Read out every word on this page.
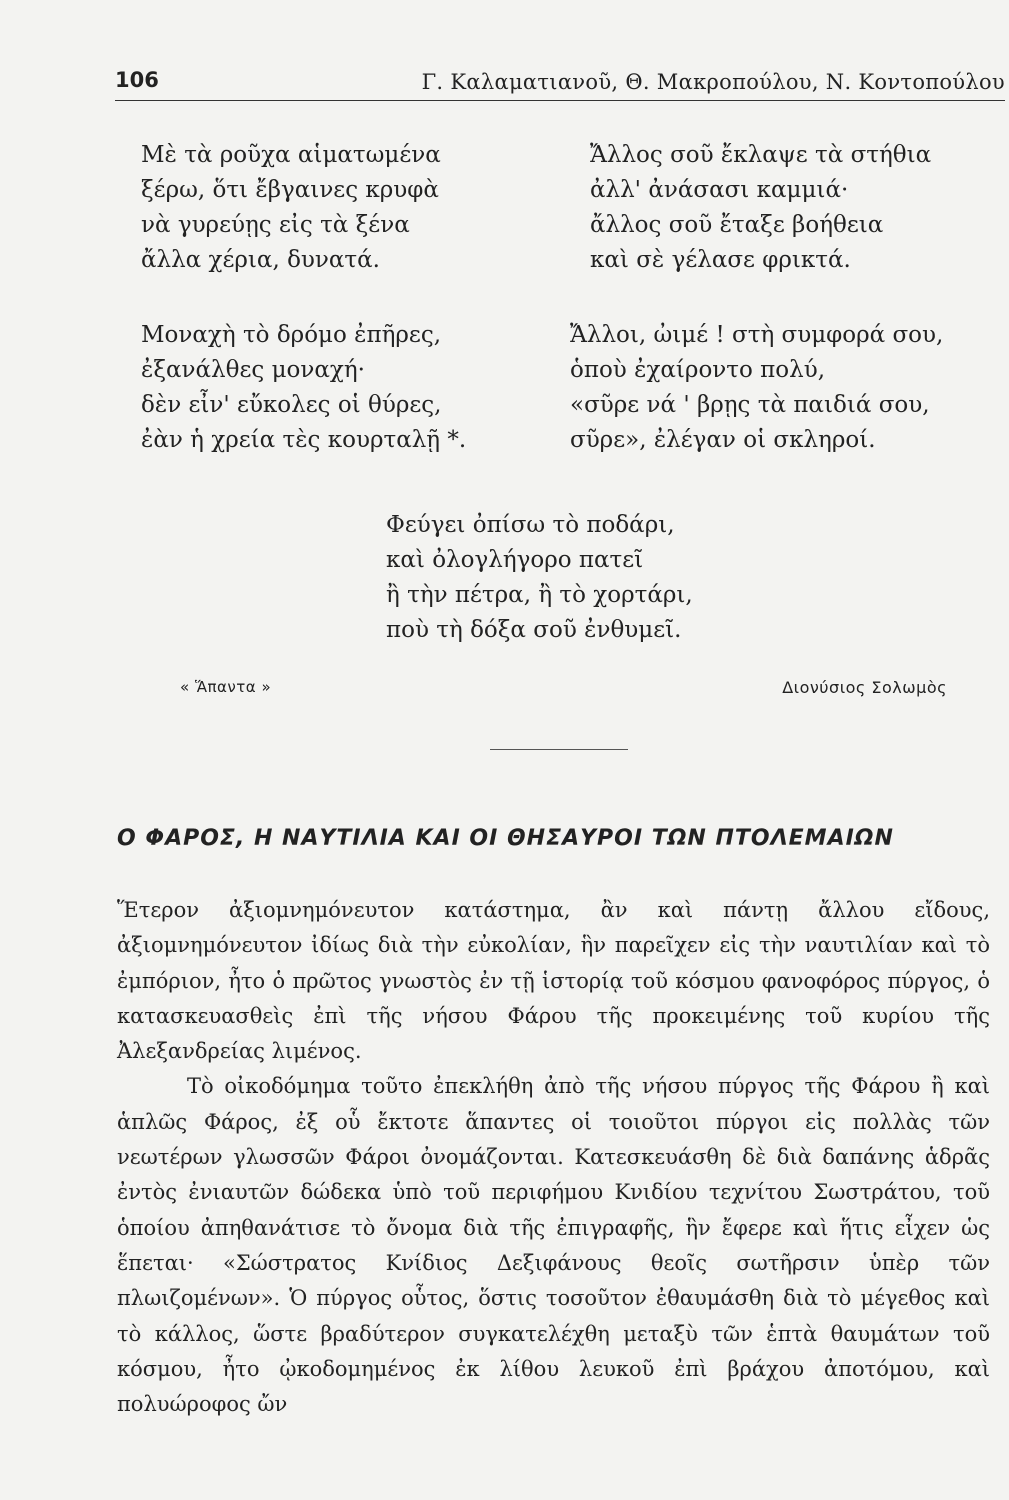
106	Γ. Καλαματιανοῦ, Θ. Μακροπούλου, Ν. Κοντοπούλου
Μὲ τὰ ροῦχα αἱματωμένα
ξέρω, ὅτι ἔβγαινες κρυφὰ
νὰ γυρεύῃς εἰς τὰ ξένα
ἄλλα χέρια, δυνατά.
Μοναχὴ τὸ δρόμο ἐπῆρες,
ἐξανάλθες μοναχή·
δὲν εἶν' εὔκολες οἱ θύρες,
ἐὰν ἡ χρεία τὲς κουρταλῇ *.
Ἄλλος σοῦ ἔκλαψε τὰ στήθια
ἀλλ' ἀνάσασι καμμιά·
ἄλλος σοῦ ἔταξε βοήθεια
καὶ σὲ γέλασε φρικτά.
Ἄλλοι, ὠιμέ ! στὴ συμφορά σου,
ὁποὺ ἐχαίροντο πολύ,
«σῦρε νά ' βρῃς τὰ παιδιά σου,
σῦρε», ἐλέγαν οἱ σκληροί.
Φεύγει ὀπίσω τὸ ποδάρι,
καὶ ὀλογλήγορο πατεῖ
ἢ τὴν πέτρα, ἢ τὸ χορτάρι,
ποὺ τὴ δόξα σοῦ ἐνθυμεῖ.
« Ἅπαντα »	Διονύσιος Σολωμὸς
Ο ΦΑΡΟΣ, Η ΝΑΥΤΙΛΙΑ ΚΑΙ ΟΙ ΘΗΣΑΥΡΟΙ ΤΩΝ ΠΤΟΛΕΜΑΙΩΝ

Ἕτερον ἀξιομνημόνευτον κατάστημα, ἂν καὶ πάντῃ ἄλλου εἴδους, ἀξιομνημόνευτον ἰδίως διὰ τὴν εὐκολίαν, ἣν παρεῖχεν εἰς τὴν ναυτιλίαν καὶ τὸ ἐμπόριον, ἦτο ὁ πρῶτος γνωστὸς ἐν τῇ ἱστορίᾳ τοῦ κόσμου φανοφόρος πύργος, ὁ κατασκευασθεὶς ἐπὶ τῆς νήσου Φάρου τῆς προκειμένης τοῦ κυρίου τῆς Ἀλεξανδρείας λιμένος.

Τὸ οἰκοδόμημα τοῦτο ἐπεκλήθη ἀπὸ τῆς νήσου πύργος τῆς Φάρου ἢ καὶ ἁπλῶς Φάρος, ἐξ οὗ ἔκτοτε ἅπαντες οἱ τοιοῦτοι πύργοι εἰς πολλὰς τῶν νεωτέρων γλωσσῶν Φάροι ὀνομάζονται. Κατεσκευάσθη δὲ διὰ δαπάνης ἁδρᾶς ἐντὸς ἐνιαυτῶν δώδεκα ὑπὸ τοῦ περιφήμου Κνιδίου τεχνίτου Σωστράτου, τοῦ ὁποίου ἀπηθανάτισε τὸ ὄνομα διὰ τῆς ἐπιγραφῆς, ἣν ἔφερε καὶ ἥτις εἶχεν ὡς ἕπεται· «Σώστρατος Κνίδιος Δεξιφάνους θεοῖς σωτῆρσιν ὑπὲρ τῶν πλωιζομένων». Ὁ πύργος οὗτος, ὅστις τοσοῦτον ἐθαυμάσθη διὰ τὸ μέγεθος καὶ τὸ κάλλος, ὥστε βραδύτερον συγκατελέχθη μεταξὺ τῶν ἑπτὰ θαυμάτων τοῦ κόσμου, ἦτο ᾠκοδομημένος ἐκ λίθου λευκοῦ ἐπὶ βράχου ἀποτόμου, καὶ πολυώροφος ὤν
